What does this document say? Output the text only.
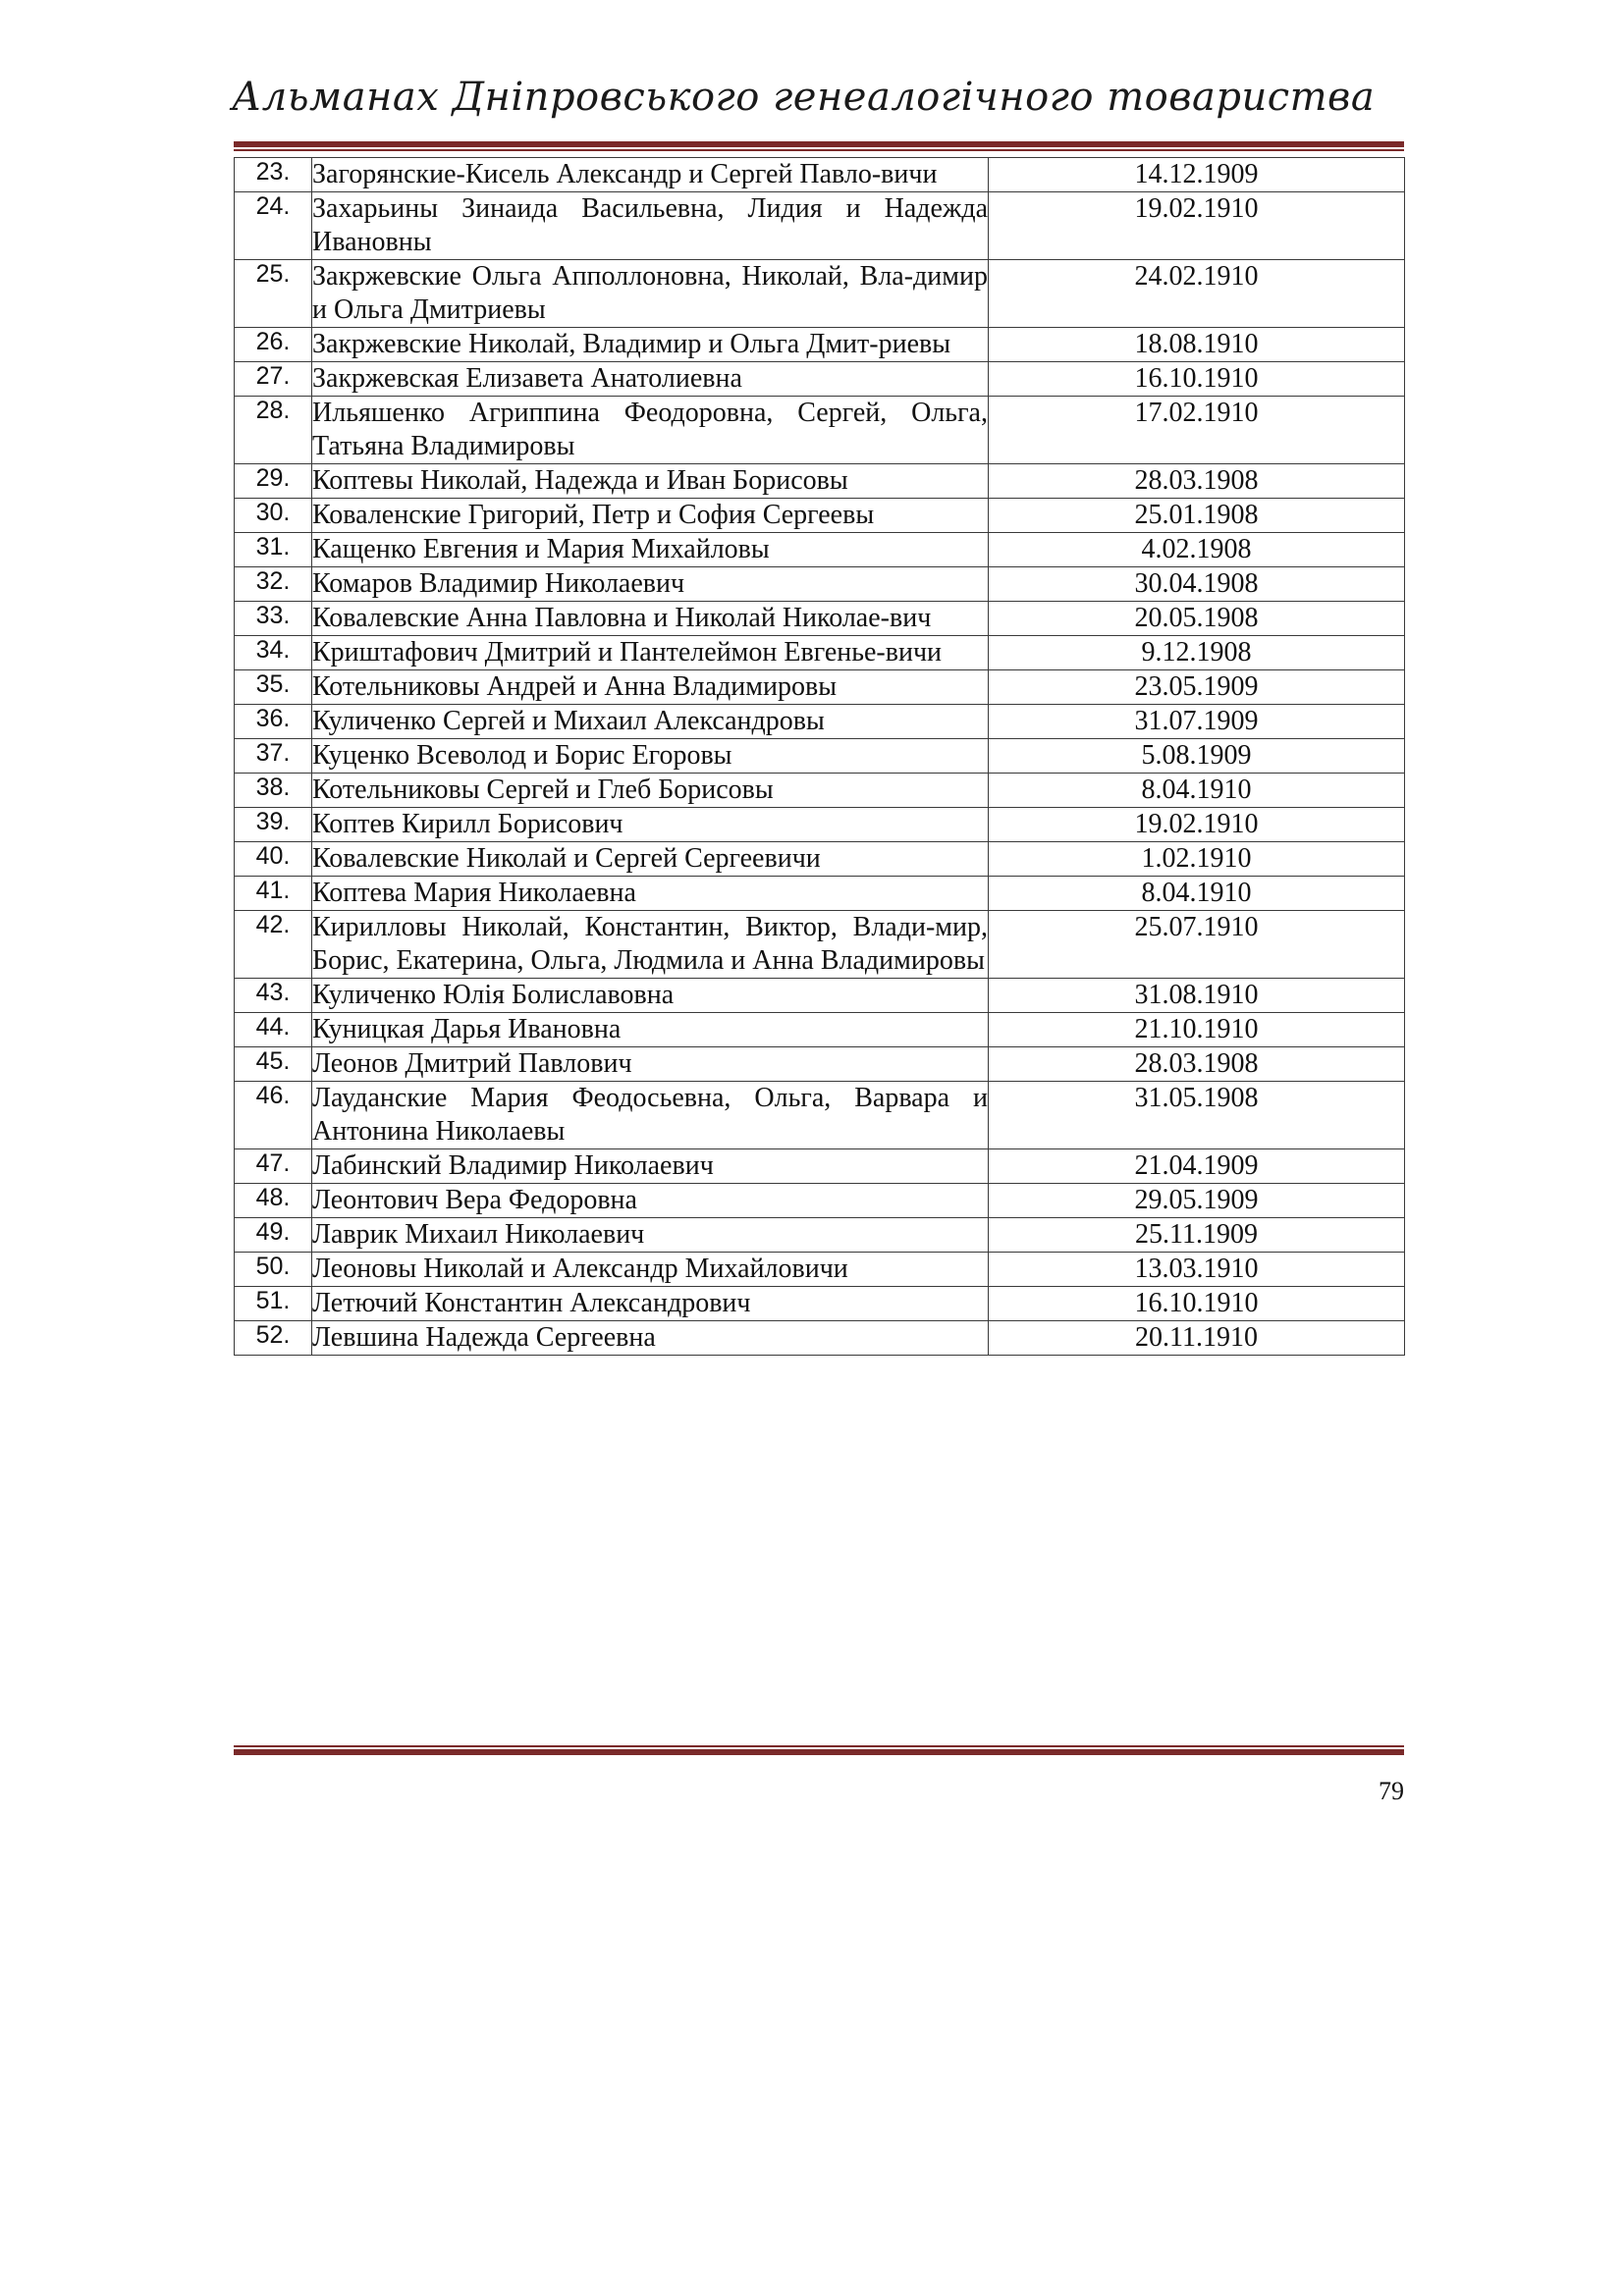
Альманах Дніпровського генеалогічного товариства
23.	Загорянские-Кисель Александр и Сергей Павло-вичи	14.12.1909
24.	Захарьины Зинаида Васильевна, Лидия и Надежда Ивановны	19.02.1910
25.	Закржевские Ольга Апполлоновна, Николай, Вла-димир и Ольга Дмитриевы	24.02.1910
26.	Закржевские Николай, Владимир и Ольга Дмит-риевы	18.08.1910
27.	Закржевская Елизавета Анатолиевна	16.10.1910
28.	Ильяшенко Агриппина Феодоровна, Сергей, Ольга, Татьяна Владимировы	17.02.1910
29.	Коптевы Николай, Надежда и Иван Борисовы	28.03.1908
30.	Коваленские Григорий, Петр и София Сергеевы	25.01.1908
31.	Кащенко Евгения и Мария Михайловы	4.02.1908
32.	Комаров Владимир Николаевич	30.04.1908
33.	Ковалевские Анна Павловна и Николай Николае-вич	20.05.1908
34.	Криштафович Дмитрий и Пантелеймон Евгенье-вичи	9.12.1908
35.	Котельниковы Андрей и Анна Владимировы	23.05.1909
36.	Куличенко Сергей и Михаил Александровы	31.07.1909
37.	Куценко Всеволод и Борис Егоровы	5.08.1909
38.	Котельниковы Сергей и Глеб Борисовы	8.04.1910
39.	Коптев Кирилл Борисович	19.02.1910
40.	Ковалевские Николай и Сергей Сергеевичи	1.02.1910
41.	Коптева Мария Николаевна	8.04.1910
42.	Кирилловы Николай, Константин, Виктор, Влади-мир, Борис, Екатерина, Ольга, Людмила и Анна Владимировы	25.07.1910
43.	Куличенко Юлія Болиславовна	31.08.1910
44.	Куницкая Дарья Ивановна	21.10.1910
45.	Леонов Дмитрий Павлович	28.03.1908
46.	Лауданские Мария Феодосьевна, Ольга, Варвара и Антонина Николаевы	31.05.1908
47.	Лабинский Владимир Николаевич	21.04.1909
48.	Леонтович Вера Федоровна	29.05.1909
49.	Лаврик Михаил Николаевич	25.11.1909
50.	Леоновы Николай и Александр Михайловичи	13.03.1910
51.	Летючий Константин Александрович	16.10.1910
52.	Левшина Надежда Сергеевна	20.11.1910
79
